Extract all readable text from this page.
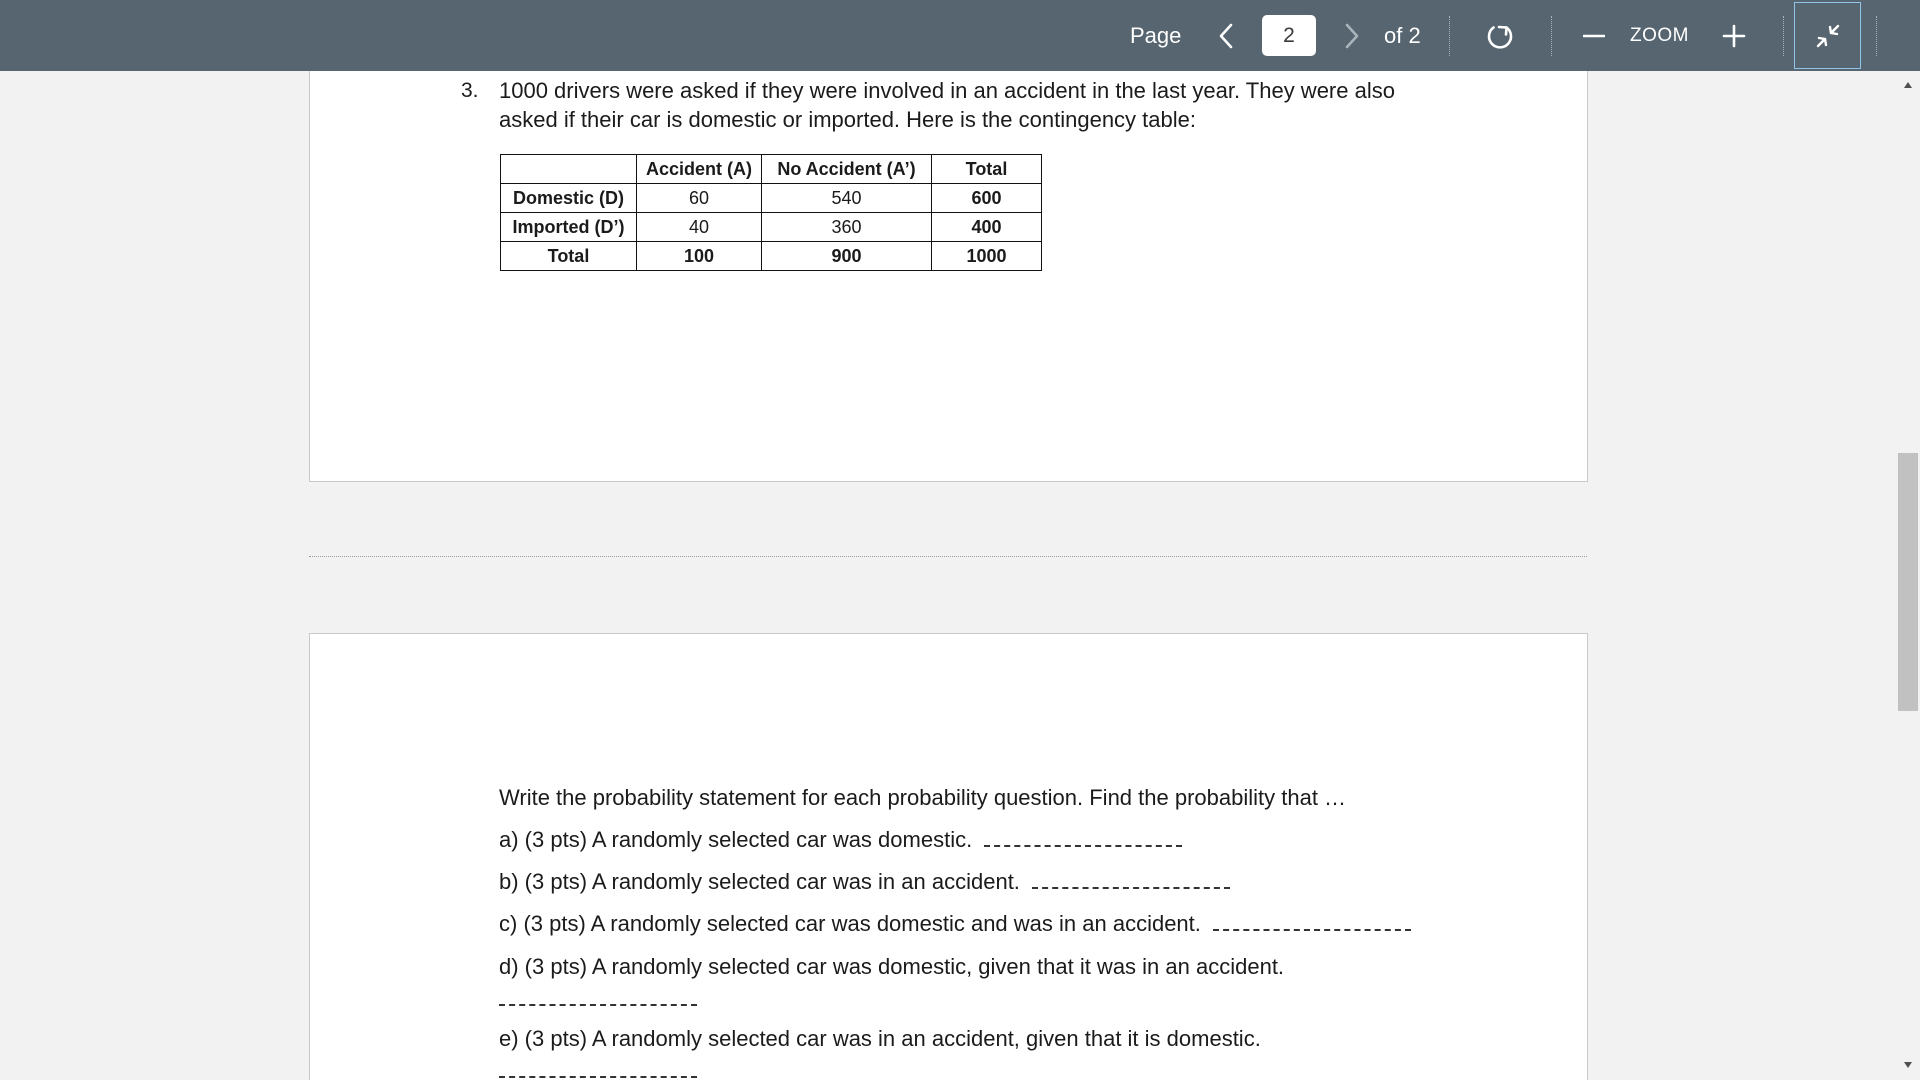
Page
2	of 2	ZOOM
3. 1000 drivers were asked if they were involved in an accident in the last year. They were also asked if their car is domestic or imported. Here is the contingency table:
	Accident (A)	No Accident (A’)	Total
Domestic (D)	60	540	600
Imported (D’)	40	360	400
Total	100	900	1000
Write the probability statement for each probability question. Find the probability that …
a) (3 pts) A randomly selected car was domestic.
b) (3 pts) A randomly selected car was in an accident.
c) (3 pts) A randomly selected car was domestic and was in an accident.
d) (3 pts) A randomly selected car was domestic, given that it was in an accident.
e) (3 pts) A randomly selected car was in an accident, given that it is domestic.
